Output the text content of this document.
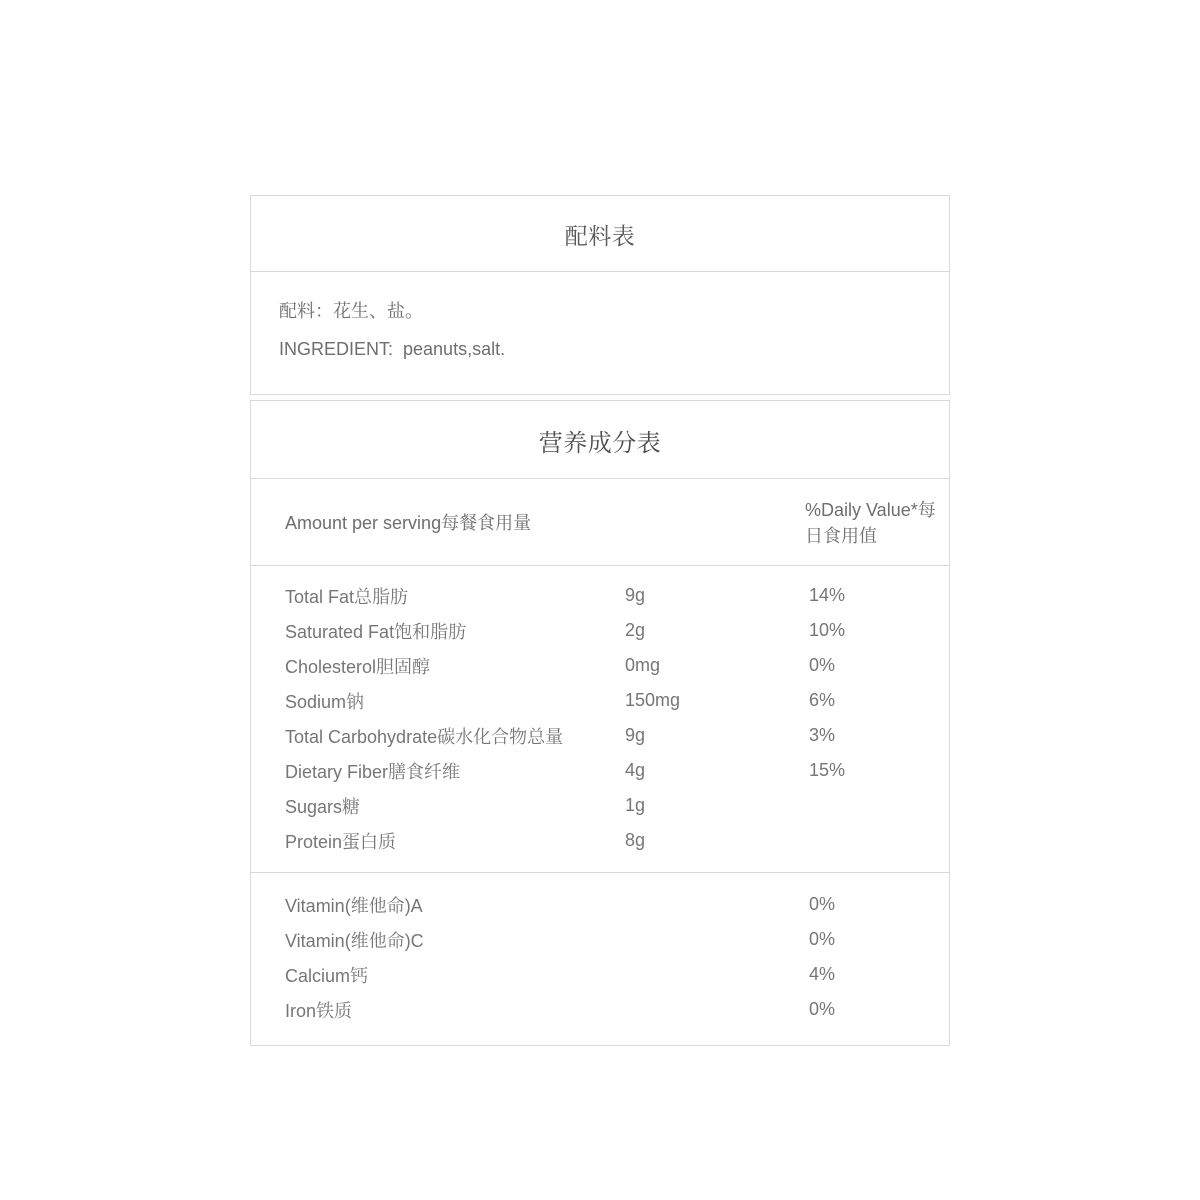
配料表
配料：花生、盐。
INGREDIENT:  peanuts,salt.
营养成分表
Amount per serving每餐食用量		%Daily Value*每日食用值
Total Fat总脂肪	9g	14%
Saturated Fat饱和脂肪	2g	10%
Cholesterol胆固醇	0mg	0%
Sodium钠	150mg	6%
Total Carbohydrate碳水化合物总量	9g	3%
Dietary Fiber膳食纤维	4g	15%
Sugars糖	1g	
Protein蛋白质	8g	

Vitamin(维他命)A		0%
Vitamin(维他命)C		0%
Calcium钙		4%
Iron铁质		0%
